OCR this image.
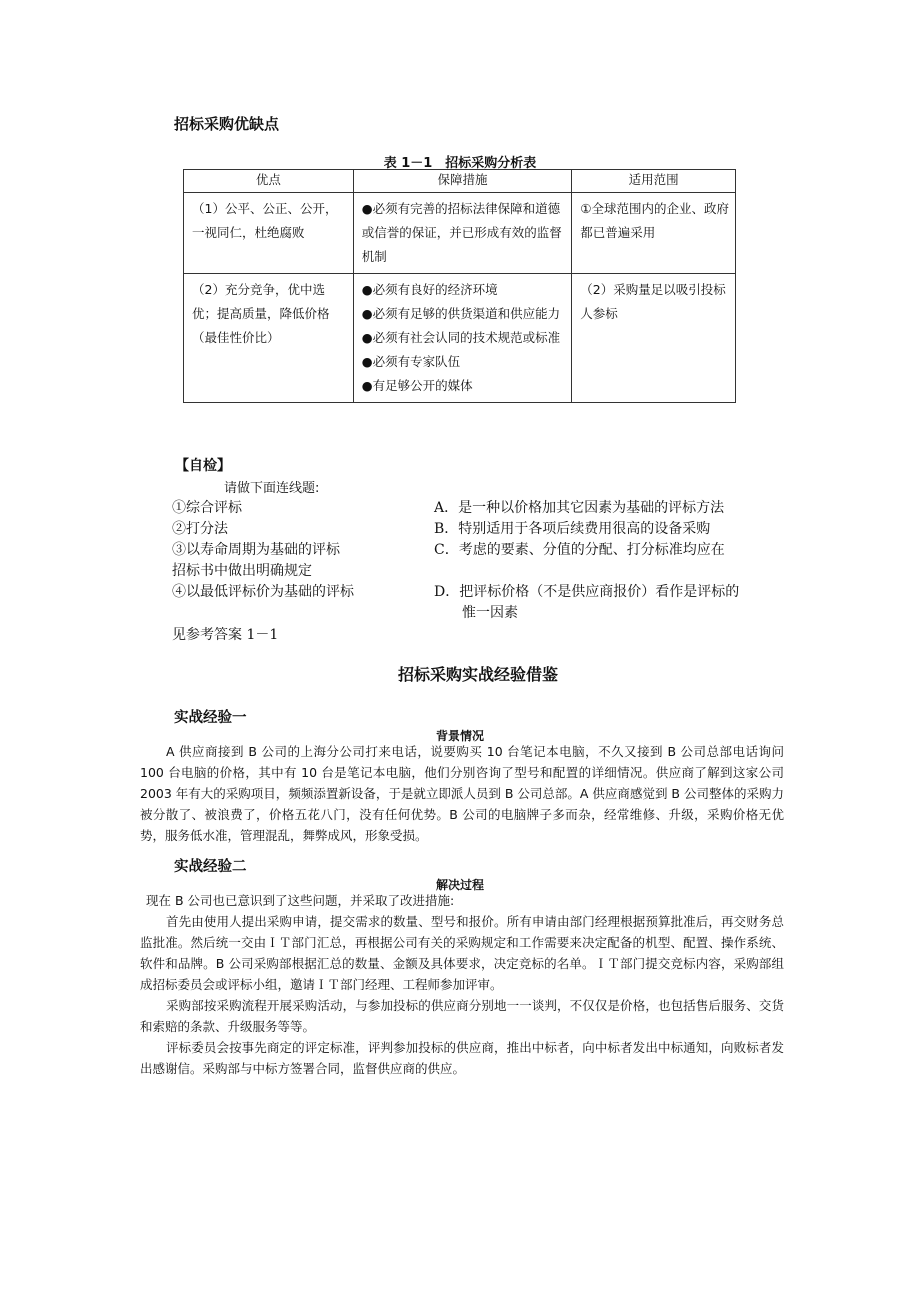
招标采购优缺点
表 1－1　招标采购分析表
优点	保障措施	适用范围
（1）公平、公正、公开，一视同仁，杜绝腐败	●必须有完善的招标法律保障和道德或信誉的保证，并已形成有效的监督机制	①全球范围内的企业、政府都已普遍采用
（2）充分竞争，优中选优；提高质量，降低价格（最佳性价比）	●必须有良好的经济环境
●必须有足够的供货渠道和供应能力
●必须有社会认同的技术规范或标准
●必须有专家队伍
●有足够公开的媒体	（2）采购量足以吸引投标人参标
【自检】
请做下面连线题:
①综合评标
②打分法
③以寿命周期为基础的评标
招标书中做出明确规定
④以最低评标价为基础的评标
A．是一种以价格加其它因素为基础的评标方法
B．特别适用于各项后续费用很高的设备采购
C．考虑的要素、分值的分配、打分标准均应在
D．把评标价格（不是供应商报价）看作是评标的
惟一因素
见参考答案 1－1
招标采购实战经验借鉴
实战经验一
背景情况
A 供应商接到 B 公司的上海分公司打来电话，说要购买 10 台笔记本电脑，不久又接到 B 公司总部电话询问 100 台电脑的价格，其中有 10 台是笔记本电脑，他们分别咨询了型号和配置的详细情况。供应商了解到这家公司 2003 年有大的采购项目，频频添置新设备，于是就立即派人员到 B 公司总部。A 供应商感觉到 B 公司整体的采购力被分散了、被浪费了，价格五花八门，没有任何优势。B 公司的电脑牌子多而杂，经常维修、升级，采购价格无优势，服务低水准，管理混乱，舞弊成风，形象受损。
实战经验二
解决过程
现在 B 公司也已意识到了这些问题，并采取了改进措施:
首先由使用人提出采购申请，提交需求的数量、型号和报价。所有申请由部门经理根据预算批准后，再交财务总监批准。然后统一交由ＩＴ部门汇总，再根据公司有关的采购规定和工作需要来决定配备的机型、配置、操作系统、软件和品牌。B 公司采购部根据汇总的数量、金额及具体要求，决定竞标的名单。ＩＴ部门提交竞标内容，采购部组成招标委员会或评标小组，邀请ＩＴ部门经理、工程师参加评审。
采购部按采购流程开展采购活动，与参加投标的供应商分别地一一谈判，不仅仅是价格，也包括售后服务、交货和索赔的条款、升级服务等等。
评标委员会按事先商定的评定标准，评判参加投标的供应商，推出中标者，向中标者发出中标通知，向败标者发出感谢信。采购部与中标方签署合同，监督供应商的供应。
